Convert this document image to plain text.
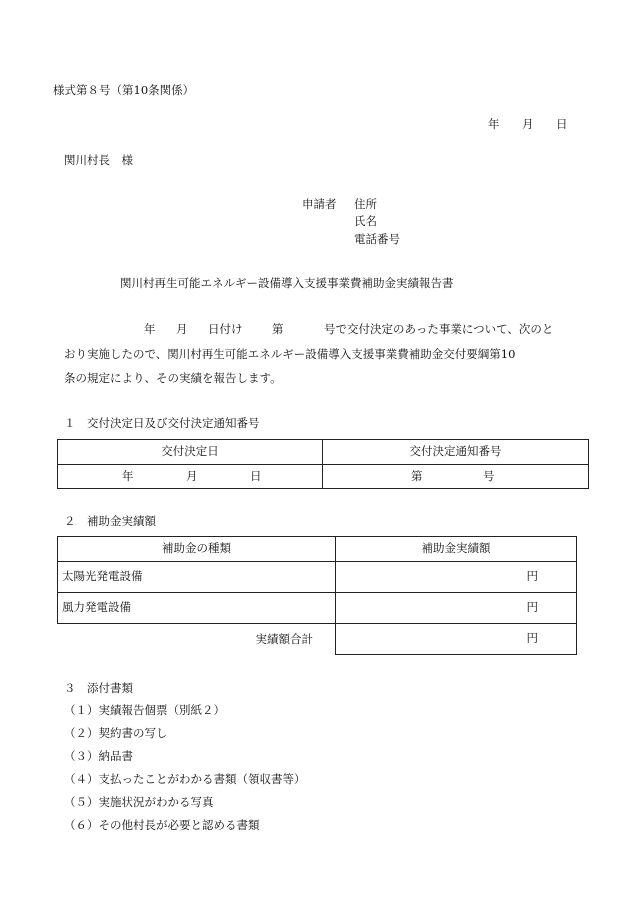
様式第８号（第10条関係）
年 月 日
関川村長　様
申請者 住所
氏名
電話番号
関川村再生可能エネルギー設備導入支援事業費補助金実績報告書
年 月 日付け	第	号で交付決定のあった事業について、次のと
おり実施したので、関川村再生可能エネルギー設備導入支援事業費補助金交付要綱第10
条の規定により、その実績を報告します。
１　交付決定日及び交付決定通知番号
交付決定日	交付決定通知番号

年 月 日	第 号
２　補助金実績額
補助金の種類	補助金実績額
太陽光発電設備	円
風力発電設備	円
実績額合計	円
３　添付書類
（１）実績報告個票（別紙２）
（２）契約書の写し
（３）納品書
（４）支払ったことがわかる書類（領収書等）
（５）実施状況がわかる写真
（６）その他村長が必要と認める書類
